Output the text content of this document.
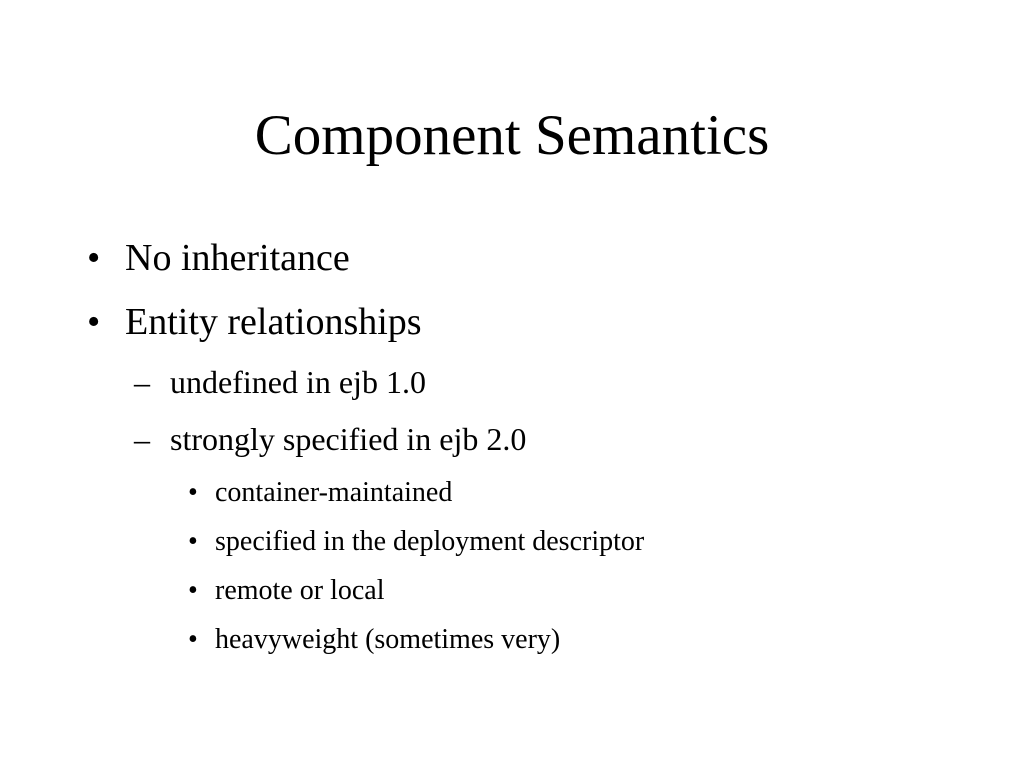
Component Semantics
• No inheritance
• Entity relationships
– undefined in ejb 1.0
– strongly specified in ejb 2.0
• container-maintained
• specified in the deployment descriptor
• remote or local
• heavyweight (sometimes very)
